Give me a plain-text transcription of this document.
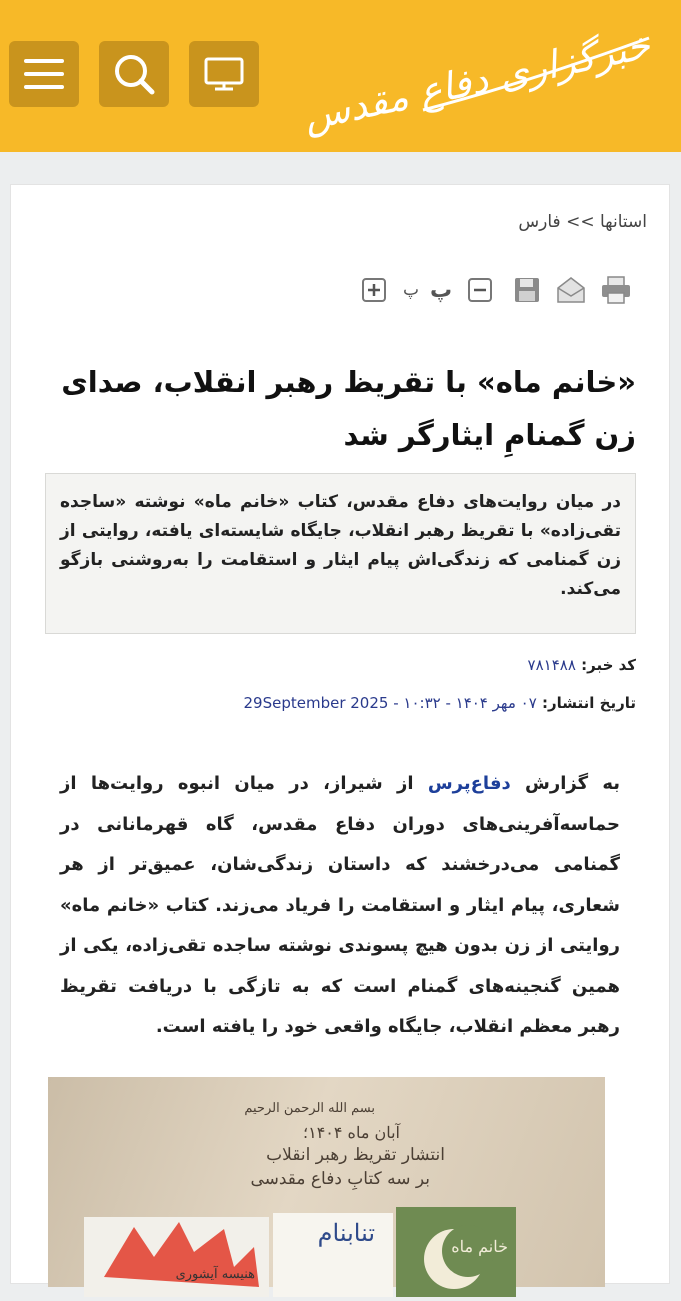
خبرگزاری دفاع مقدس
استانها >> فارس
پ پ
«خانم ماه» با تقریظ رهبر انقلاب، صدای زن گمنامِ ایثارگر شد
در میان روایت‌های دفاع مقدس، کتاب «خانم ماه» نوشته «ساجده تقی‌زاده» با تقریظ رهبر انقلاب، جایگاه شایسته‌ای یافته، روایتی از زن گمنامی که زندگی‌اش پیام ایثار و استقامت را به‌روشنی بازگو می‌کند.
کد خبر: ۷۸۱۴۸۸
تاریخ انتشار: ۰۷ مهر ۱۴۰۴ - ۱۰:۳۲ - 29September 2025
به گزارش دفاع‌پرس از شیراز، در میان انبوه روایت‌ها از حماسه‌آفرینی‌های دوران دفاع مقدس، گاه قهرمانانی در گمنامی می‌درخشند که داستان زندگی‌شان، عمیق‌تر از هر شعاری، پیام ایثار و استقامت را فریاد می‌زند. کتاب «خانم ماه» روایتی از زن بدون هیچ پسوندی نوشته ساجده تقی‌زاده، یکی از همین گنجینه‌های گمنام است که به تازگی با دریافت تقریظ رهبر معظم انقلاب، جایگاه واقعی خود را یافته است.
بسم الله الرحمن الرحیم
آبان ماه ۱۴۰۴؛
انتشار تقریظ رهبر انقلاب
بر سه کتابِ دفاع مقدسی
هنیسه آیشوری
تنابنام	خانم ماه
